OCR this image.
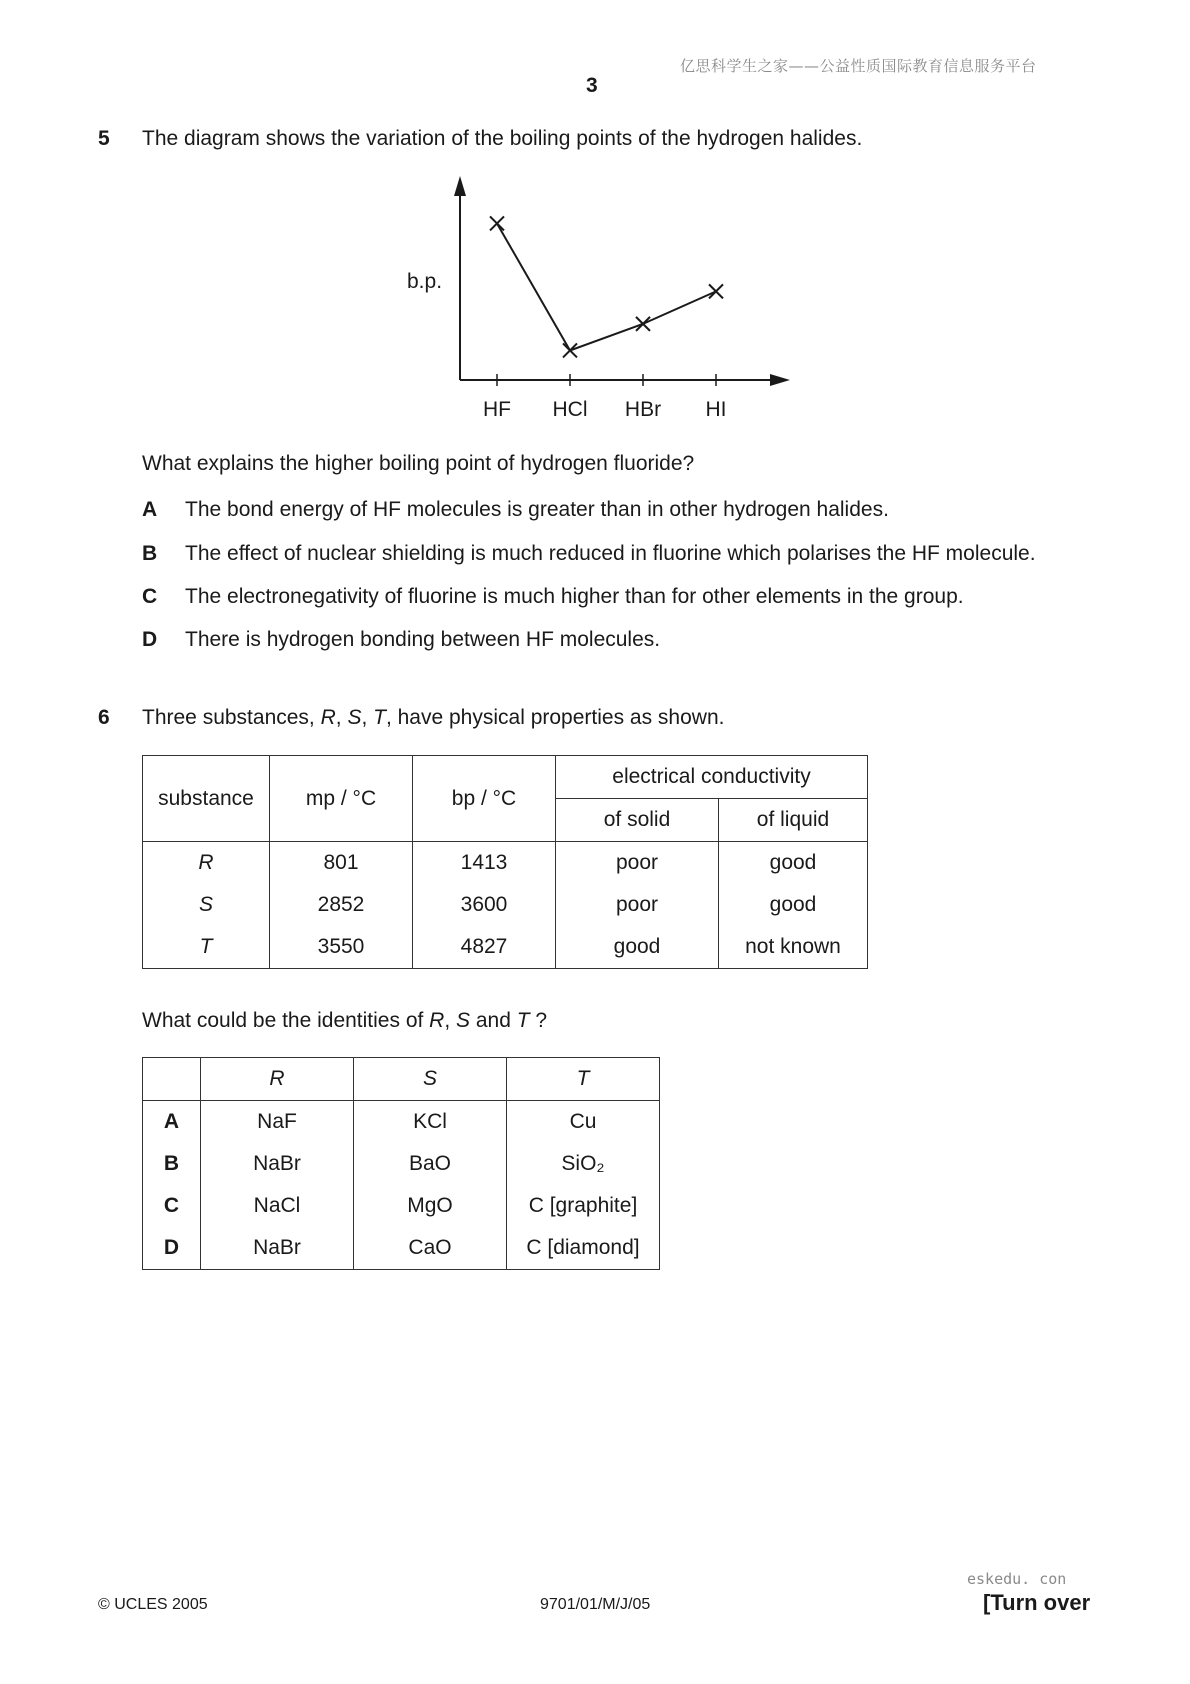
亿思科学生之家——公益性质国际教育信息服务平台
3
5 The diagram shows the variation of the boiling points of the hydrogen halides.
b.p.
HF HCl HBr HI
What explains the higher boiling point of hydrogen fluoride?
A The bond energy of HF molecules is greater than in other hydrogen halides.
B The effect of nuclear shielding is much reduced in fluorine which polarises the HF molecule.
C The electronegativity of fluorine is much higher than for other elements in the group.
D There is hydrogen bonding between HF molecules.
6 Three substances, R, S, T, have physical properties as shown.
substance	mp / °C	bp / °C	electrical conductivity	
			of solid	of liquid
R	801	1413	poor	good
S	2852	3600	poor	good
T	3550	4827	good	not known
What could be the identities of R, S and T ?
	R	S	T
A	NaF	KCl	Cu
B	NaBr	BaO	SiO₂
C	NaCl	MgO	C [graphite]
D	NaBr	CaO	C [diamond]
© UCLES 2005	9701/01/M/J/05
eskedu. con
[Turn over
